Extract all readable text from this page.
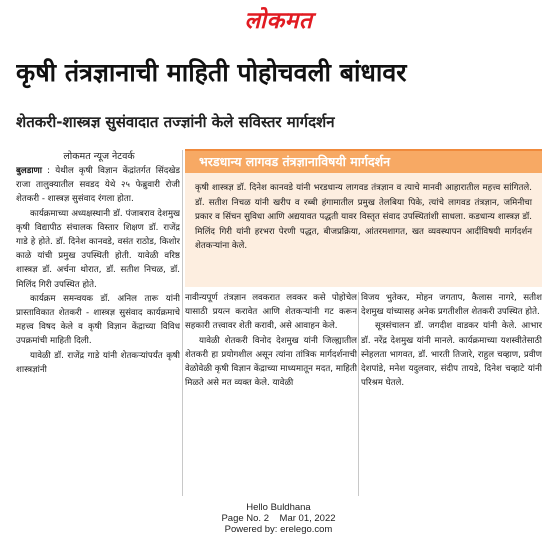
लोकमत
कृषी तंत्रज्ञानाची माहिती पोहोचवली बांधावर
शेतकरी-शास्त्रज्ञ सुसंवादात तज्ज्ञांनी केले सविस्तर मार्गदर्शन
लोकमत न्यूज नेटवर्क

बुलडाणा : येथील कृषी विज्ञान केंद्रांतर्गत सिंदखेड राजा तालुक्यातील सवडद येथे २५ फेब्रुवारी रोजी शेतकरी - शास्त्रज्ञ सुसंवाद रंगला होता.

कार्यक्रमाच्या अध्यक्षस्थानी डॉ. पंजाबराव देशमुख कृषी विद्यापीठ संचालक विस्तार शिक्षण डॉ. राजेंद्र गाडे हे होते. डॉ. दिनेश कानवडे, वसंत राठोड, किशोर काळे यांची प्रमुख उपस्थिती होती. यावेळी वरिष्ठ शास्त्रज्ञ डॉ. अर्चना थोरात, डॉ. सतीश निचळ, डॉ. मिलिंद गिरी उपस्थित होते.

कार्यक्रम समन्वयक डॉ. अनिल तारू यांनी प्रास्ताविकात शेतकरी - शास्त्रज्ञ सुसंवाद कार्यक्रमाचे महत्त्व विषद केले व कृषी विज्ञान केंद्राच्या विविध उपक्रमांची माहिती दिली.

यावेळी डॉ. राजेंद्र गाडे यांनी शेतकऱ्यांपर्यंत कृषी शास्त्रज्ञांनी

भरडधान्य लागवड तंत्रज्ञानाविषयी मार्गदर्शन
कृषी शास्त्रज्ञ डॉ. दिनेश कानवडे यांनी भरडधान्य लागवड तंत्रज्ञान व त्याचे मानवी आहारातील महत्त्व सांगितले. डॉ. सतीश निचळ यांनी खरीप व रब्बी हंगामातील प्रमुख तेलबिया पिके, त्यांचे लागवड तंत्रज्ञान, जमिनीचा प्रकार व सिंचन सुविधा आणि अद्ययावत पद्धती यावर विस्तृत संवाद उपस्थितांशी साधला. कडधान्य शास्त्रज्ञ डॉ. मिलिंद गिरी यांनी हरभरा पेरणी पद्धत, बीजप्रक्रिया, आंतरमशागत, खत व्यवस्थापन आदींविषयी मार्गदर्शन शेतकऱ्यांना केले.

नावीन्यपूर्ण तंत्रज्ञान लवकरात लवकर कसे पोहोचेल यासाठी प्रयत्न करावेत आणि शेतकऱ्यांनी गट करून सहकारी तत्त्वावर शेती करावी, असे आवाहन केले.

यावेळी शेतकरी विनोद देशमुख यांनी जिल्ह्यातील शेतकरी हा प्रयोगशील असून त्यांना तांत्रिक मार्गदर्शनाची वेळोवेळी कृषी विज्ञान केंद्राच्या माध्यमातून मदत, माहिती मिळते असे मत व्यक्त केले. यावेळी

विजय भुतेकर, मोहन जगताप, कैलास नागरे, सतीश देशमुख यांच्यासह अनेक प्रगतीशील शेतकरी उपस्थित होते.

सूत्रसंचालन डॉ. जगदीश वाडकर यांनी केले. आभार डॉ. नरेंद्र देशमुख यांनी मानले. कार्यक्रमाच्या यशस्वीतेसाठी स्नेहलता भागवत, डॉ. भारती तिजारे, राहुल चव्हाण, प्रवीण देशपांडे, मनेश यदुलवार, संदीप तायडे, दिनेश चव्हाटे यांनी परिश्रम घेतले.

Hello Buldhana
Page No. 2    Mar 01, 2022
Powered by: erelego.com
